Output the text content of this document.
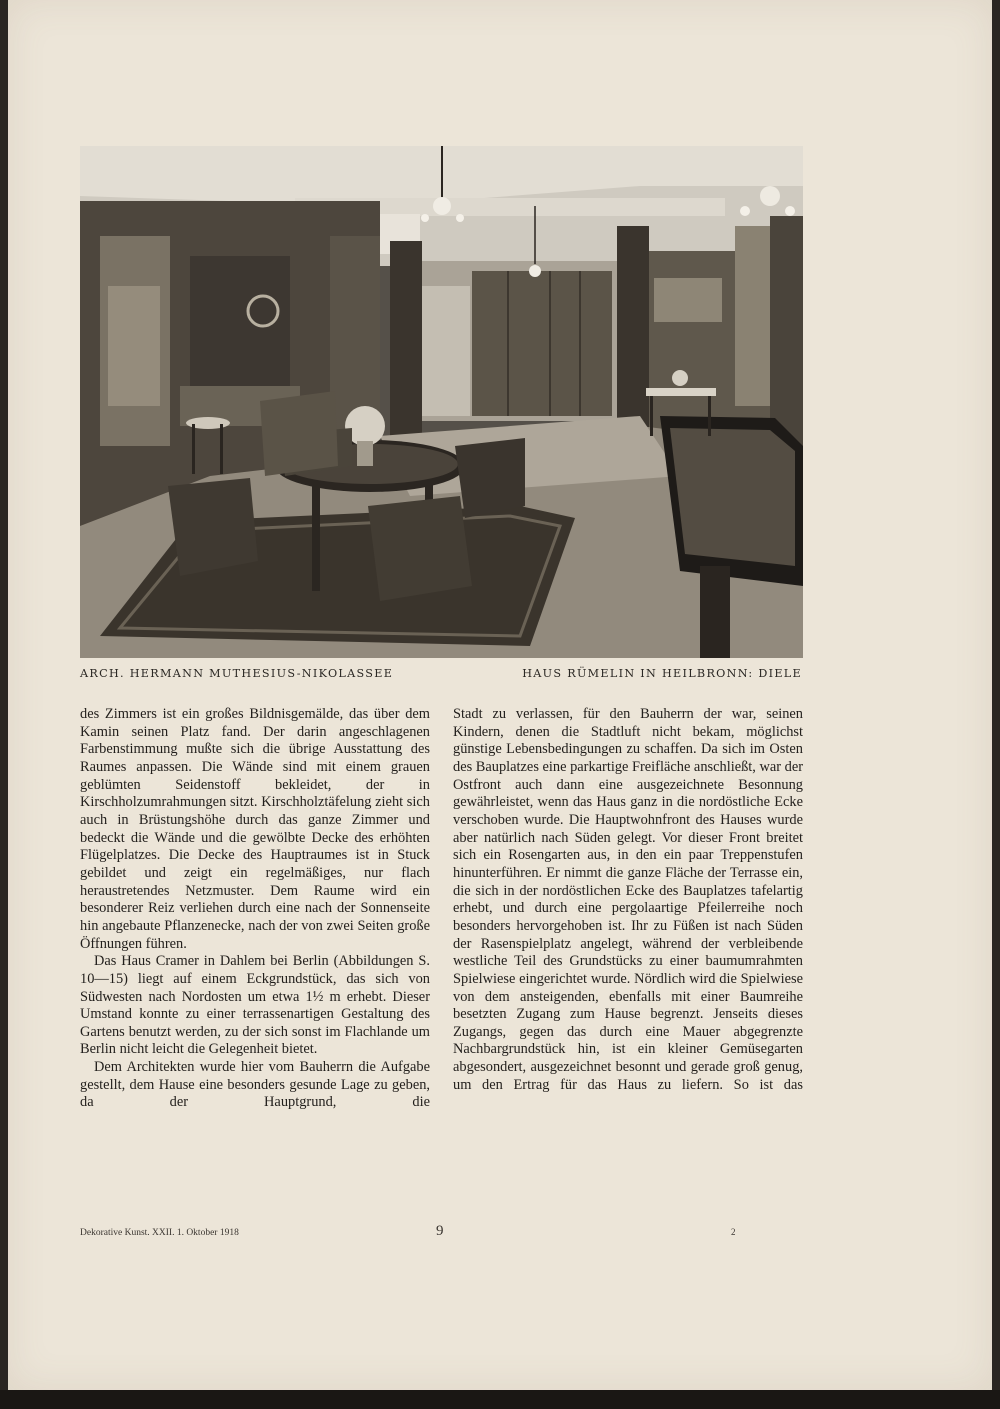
ARCH. HERMANN MUTHESIUS-NIKOLASSEE	HAUS RÜMELIN IN HEILBRONN: DIELE

des Zimmers ist ein großes Bildnisgemälde, das über dem Kamin seinen Platz fand. Der darin angeschlagenen Farbenstimmung mußte sich die übrige Ausstattung des Raumes anpassen. Die Wände sind mit einem grauen geblümten Seidenstoff bekleidet, der in Kirschholzumrahmungen sitzt. Kirschholztäfelung zieht sich auch in Brüstungshöhe durch das ganze Zimmer und bedeckt die Wände und die gewölbte Decke des erhöhten Flügelplatzes. Die Decke des Hauptraumes ist in Stuck gebildet und zeigt ein regelmäßiges, nur flach heraustretendes Netzmuster. Dem Raume wird ein besonderer Reiz verliehen durch eine nach der Sonnenseite hin angebaute Pflanzenecke, nach der von zwei Seiten große Öffnungen führen.

Das Haus Cramer in Dahlem bei Berlin (Abbildungen S. 10—15) liegt auf einem Eckgrundstück, das sich von Südwesten nach Nordosten um etwa 1½ m erhebt. Dieser Umstand konnte zu einer terrassenartigen Gestaltung des Gartens benutzt werden, zu der sich sonst im Flachlande um Berlin nicht leicht die Gelegenheit bietet.

Dem Architekten wurde hier vom Bauherrn die Aufgabe gestellt, dem Hause eine besonders gesunde Lage zu geben, da der Hauptgrund, die

Stadt zu verlassen, für den Bauherrn der war, seinen Kindern, denen die Stadtluft nicht bekam, möglichst günstige Lebensbedingungen zu schaffen. Da sich im Osten des Bauplatzes eine parkartige Freifläche anschließt, war der Ostfront auch dann eine ausgezeichnete Besonnung gewährleistet, wenn das Haus ganz in die nordöstliche Ecke verschoben wurde. Die Hauptwohnfront des Hauses wurde aber natürlich nach Süden gelegt. Vor dieser Front breitet sich ein Rosengarten aus, in den ein paar Treppenstufen hinunterführen. Er nimmt die ganze Fläche der Terrasse ein, die sich in der nordöstlichen Ecke des Bauplatzes tafelartig erhebt, und durch eine pergolaartige Pfeilerreihe noch besonders hervorgehoben ist. Ihr zu Füßen ist nach Süden der Rasenspielplatz angelegt, während der verbleibende westliche Teil des Grundstücks zu einer baumumrahmten Spielwiese eingerichtet wurde. Nördlich wird die Spielwiese von dem ansteigenden, ebenfalls mit einer Baumreihe besetzten Zugang zum Hause begrenzt. Jenseits dieses Zugangs, gegen das durch eine Mauer abgegrenzte Nachbargrundstück hin, ist ein kleiner Gemüsegarten abgesondert, ausgezeichnet besonnt und gerade groß genug, um den Ertrag für das Haus zu liefern. So ist das

Dekorative Kunst. XXII. 1. Oktober 1918	9	2
